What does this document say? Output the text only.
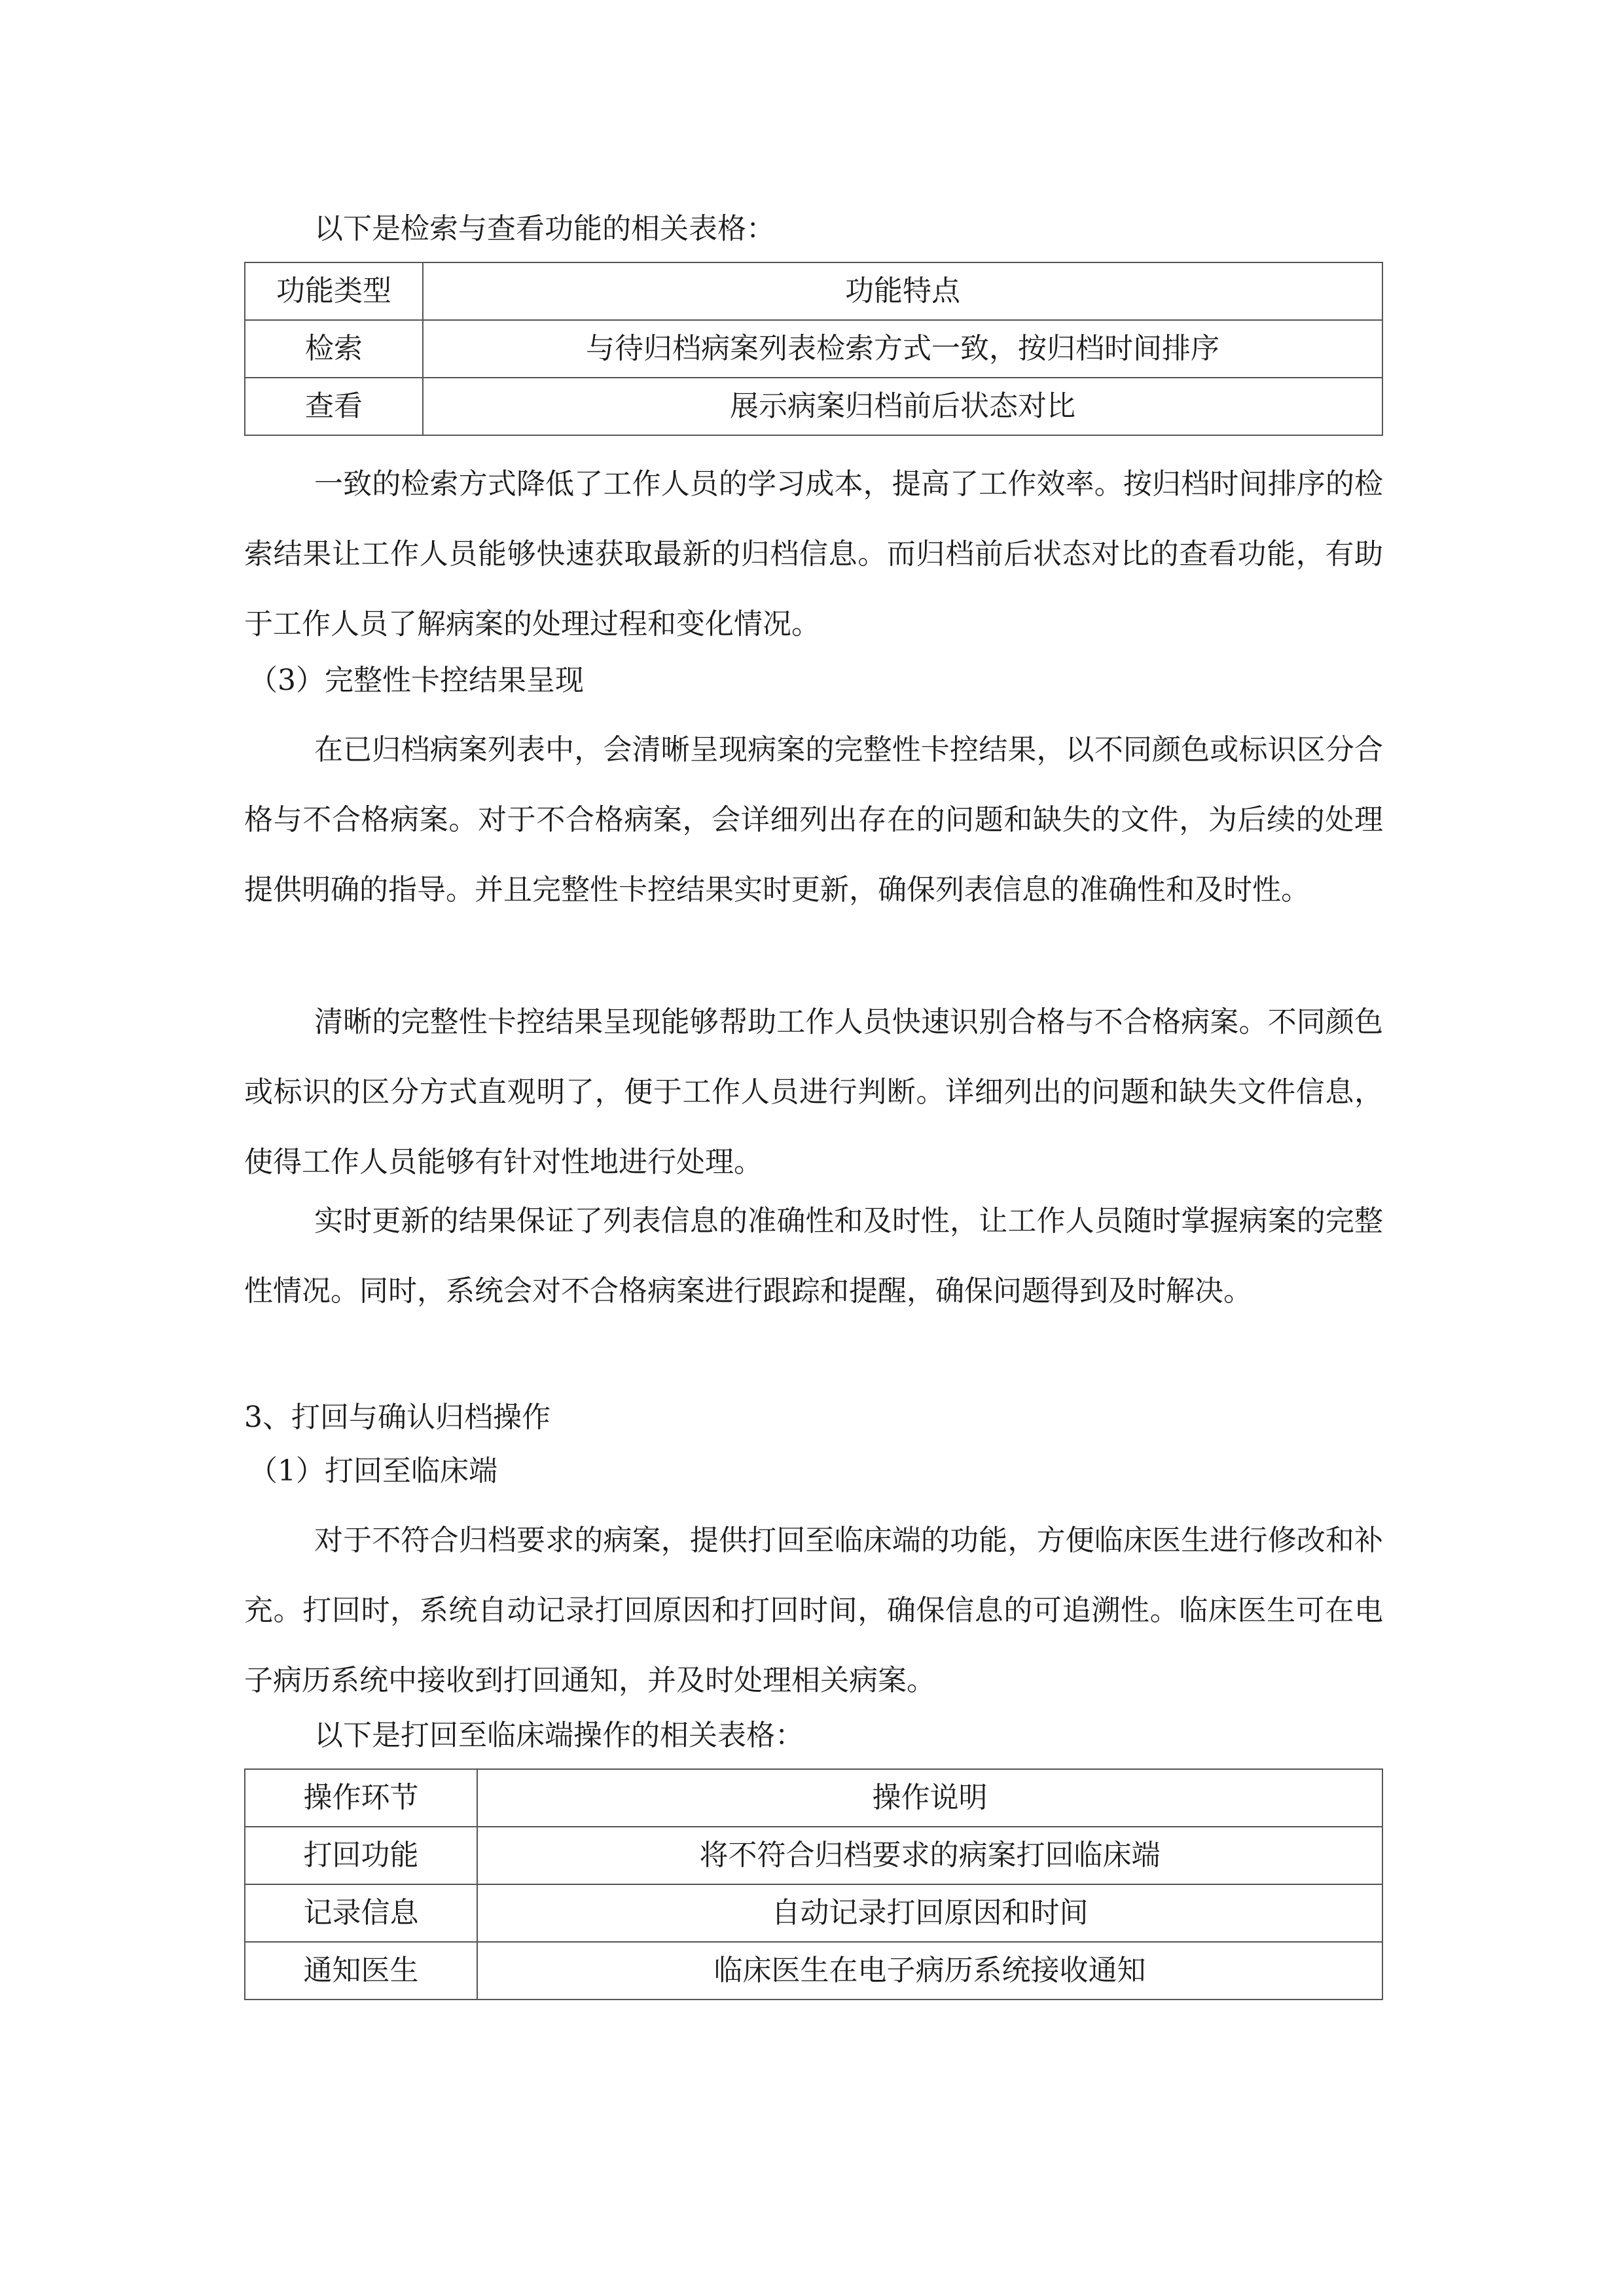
以下是检索与查看功能的相关表格：

功能类型	功能特点
检索	与待归档病案列表检索方式一致，按归档时间排序
查看	展示病案归档前后状态对比

一致的检索方式降低了工作人员的学习成本，提高了工作效率。按归档时间排序的检索结果让工作人员能够快速获取最新的归档信息。而归档前后状态对比的查看功能，有助于工作人员了解病案的处理过程和变化情况。

（3）完整性卡控结果呈现

在已归档病案列表中，会清晰呈现病案的完整性卡控结果，以不同颜色或标识区分合格与不合格病案。对于不合格病案，会详细列出存在的问题和缺失的文件，为后续的处理提供明确的指导。并且完整性卡控结果实时更新，确保列表信息的准确性和及时性。

清晰的完整性卡控结果呈现能够帮助工作人员快速识别合格与不合格病案。不同颜色或标识的区分方式直观明了，便于工作人员进行判断。详细列出的问题和缺失文件信息，使得工作人员能够有针对性地进行处理。

实时更新的结果保证了列表信息的准确性和及时性，让工作人员随时掌握病案的完整性情况。同时，系统会对不合格病案进行跟踪和提醒，确保问题得到及时解决。

3、打回与确认归档操作

（1）打回至临床端

对于不符合归档要求的病案，提供打回至临床端的功能，方便临床医生进行修改和补充。打回时，系统自动记录打回原因和打回时间，确保信息的可追溯性。临床医生可在电子病历系统中接收到打回通知，并及时处理相关病案。

以下是打回至临床端操作的相关表格：

操作环节	操作说明
打回功能	将不符合归档要求的病案打回临床端
记录信息	自动记录打回原因和时间
通知医生	临床医生在电子病历系统接收通知
